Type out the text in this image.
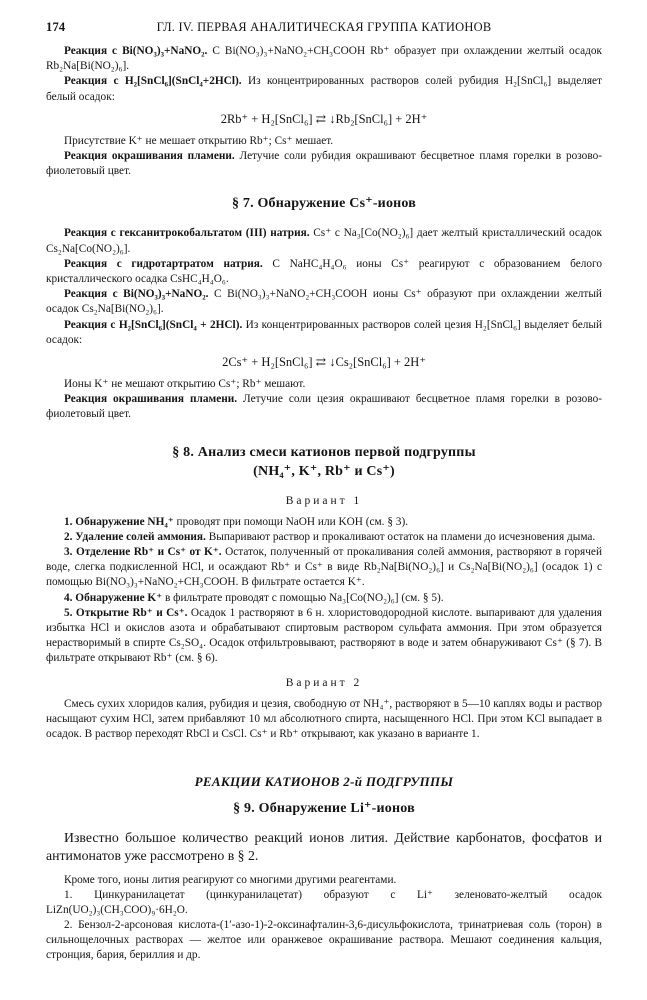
ГЛ. IV. ПЕРВАЯ АНАЛИТИЧЕСКАЯ ГРУППА КАТИОНОВ
174

Реакция с Bi(NO₃)₃+NaNO₂. С Bi(NO₃)₃+NaNO₂+CH₃COOH Rb⁺ образует при охлаждении желтый осадок Rb₂Na[Bi(NO₂)₆].

Реакция с H₂[SnCl₆](SnCl₄+2HCl). Из концентрированных растворов солей рубидия H₂[SnCl₆] выделяет белый осадок:

2Rb⁺ + H₂[SnCl₆] ⇄ ↓Rb₂[SnCl₆] + 2H⁺

Присутствие K⁺ не мешает открытию Rb⁺; Cs⁺ мешает.

Реакция окрашивания пламени. Летучие соли рубидия окрашивают бесцветное пламя горелки в розово-фиолетовый цвет.

§ 7. Обнаружение Cs⁺-ионов

Реакция с гексанитрокобальтатом (III) натрия. Cs⁺ с Na₃[Co(NO₂)₆] дает желтый кристаллический осадок Cs₂Na[Co(NO₂)₆].

Реакция с гидротартратом натрия. С NaHC₄H₄O₆ ионы Cs⁺ реагируют с образованием белого кристаллического осадка CsHC₄H₄O₆.

Реакция с Bi(NO₃)₃+NaNO₂. С Bi(NO₃)₃+NaNO₂+CH₃COOH ионы Cs⁺ образуют при охлаждении желтый осадок Cs₂Na[Bi(NO₂)₆].

Реакция с H₂[SnCl₆](SnCl₄ + 2HCl). Из концентрированных растворов солей цезия H₂[SnCl₆] выделяет белый осадок:

2Cs⁺ + H₂[SnCl₆] ⇄ ↓Cs₂[SnCl₆] + 2H⁺

Ионы K⁺ не мешают открытию Cs⁺; Rb⁺ мешают.

Реакция окрашивания пламени. Летучие соли цезия окрашивают бесцветное пламя горелки в розово-фиолетовый цвет.

§ 8. Анализ смеси катионов первой подгруппы
(NH₄⁺, K⁺, Rb⁺ и Cs⁺)
Вариант 1

1. Обнаружение NH₄⁺ проводят при помощи NaOH или KOH (см. § 3).

2. Удаление солей аммония. Выпаривают раствор и прокаливают остаток на пламени до исчезновения дыма.

3. Отделение Rb⁺ и Cs⁺ от K⁺. Остаток, полученный от прокаливания солей аммония, растворяют в горячей воде, слегка подкисленной HCl, и осаждают Rb⁺ и Cs⁺ в виде Rb₂Na[Bi(NO₂)₆] и Cs₂Na[Bi(NO₂)₆] (осадок 1) с помощью Bi(NO₃)₃+NaNO₂+CH₃COOH. В фильтрате остается K⁺.

4. Обнаружение K⁺ в фильтрате проводят с помощью Na₃[Co(NO₂)₆] (см. § 5).

5. Открытие Rb⁺ и Cs⁺. Осадок 1 растворяют в 6 н. хлористоводородной кислоте. выпаривают для удаления избытка HCl и окислов азота и обрабатывают спиртовым раствором сульфата аммония. При этом образуется нерастворимый в спирте Cs₂SO₄. Осадок отфильтровывают, растворяют в воде и затем обнаруживают Cs⁺ (§ 7). В фильтрате открывают Rb⁺ (см. § 6).

Вариант 2

Смесь сухих хлоридов калия, рубидия и цезия, свободную от NH₄⁺, растворяют в 5—10 каплях воды и раствор насыщают сухим HCl, затем прибавляют 10 мл абсолютного спирта, насыщенного HCl. При этом KCl выпадает в осадок. В раствор переходят RbCl и CsCl. Cs⁺ и Rb⁺ открывают, как указано в варианте 1.

РЕАКЦИИ КАТИОНОВ 2-й ПОДГРУППЫ
§ 9. Обнаружение Li⁺-ионов

Известно большое количество реакций ионов лития. Действие карбонатов, фосфатов и антимонатов уже рассмотрено в § 2.

Кроме того, ионы лития реагируют со многими другими реагентами.

1. Цинкуранилацетат (цинкуранилацетат) образуют с Li⁺ зеленовато-желтый осадок LiZn(UO₂)₃(CH₃COO)₉·6H₂O.

2. Бензол-2-арсоновая кислота-(1′-азо-1)-2-оксинафталин-3,6-дисульфокислота, тринатриевая соль (торон) в сильнощелочных растворах — желтое или оранжевое окрашивание раствора. Мешают соединения кальция, стронция, бария, бериллия и др.
